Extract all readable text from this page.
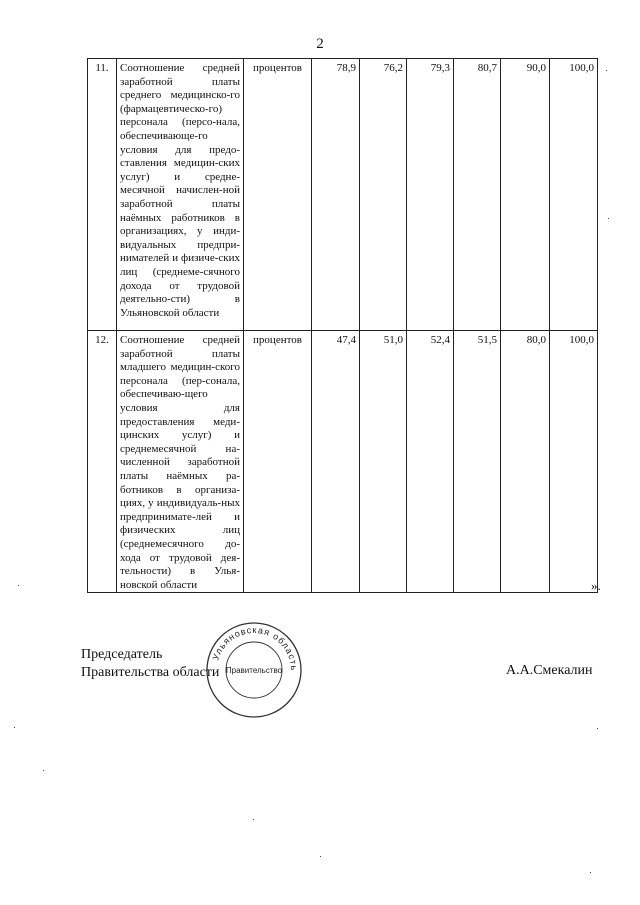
2
11.	Соотношение средней заработной платы среднего медицинско-го (фармацевтическо-го) персонала (персо-нала, обеспечивающе-го условия для предо-ставления медицин-ских услуг) и средне-месячной начислен-ной заработной платы наёмных работников в организациях, у инди-видуальных предпри-нимателей и физиче-ских лиц (среднеме-сячного дохода от трудовой деятельно-сти) в Ульяновской области	процентов	78,9	76,2	79,3	80,7	90,0	100,0
12.	Соотношение средней заработной платы младшего медицин-ского персонала (пер-сонала, обеспечиваю-щего условия для предоставления меди-цинских услуг) и среднемесячной на-численной заработной платы наёмных ра-ботников в организа-циях, у индивидуаль-ных предпринимате-лей и физических лиц (среднемесячного до-хода от трудовой дея-тельности) в Улья-новской области	процентов	47,4	51,0	52,4	51,5	80,0	100,0
».
Председатель
Правительства области
Ульяновская область
Правительство	А.А.Смекалин
